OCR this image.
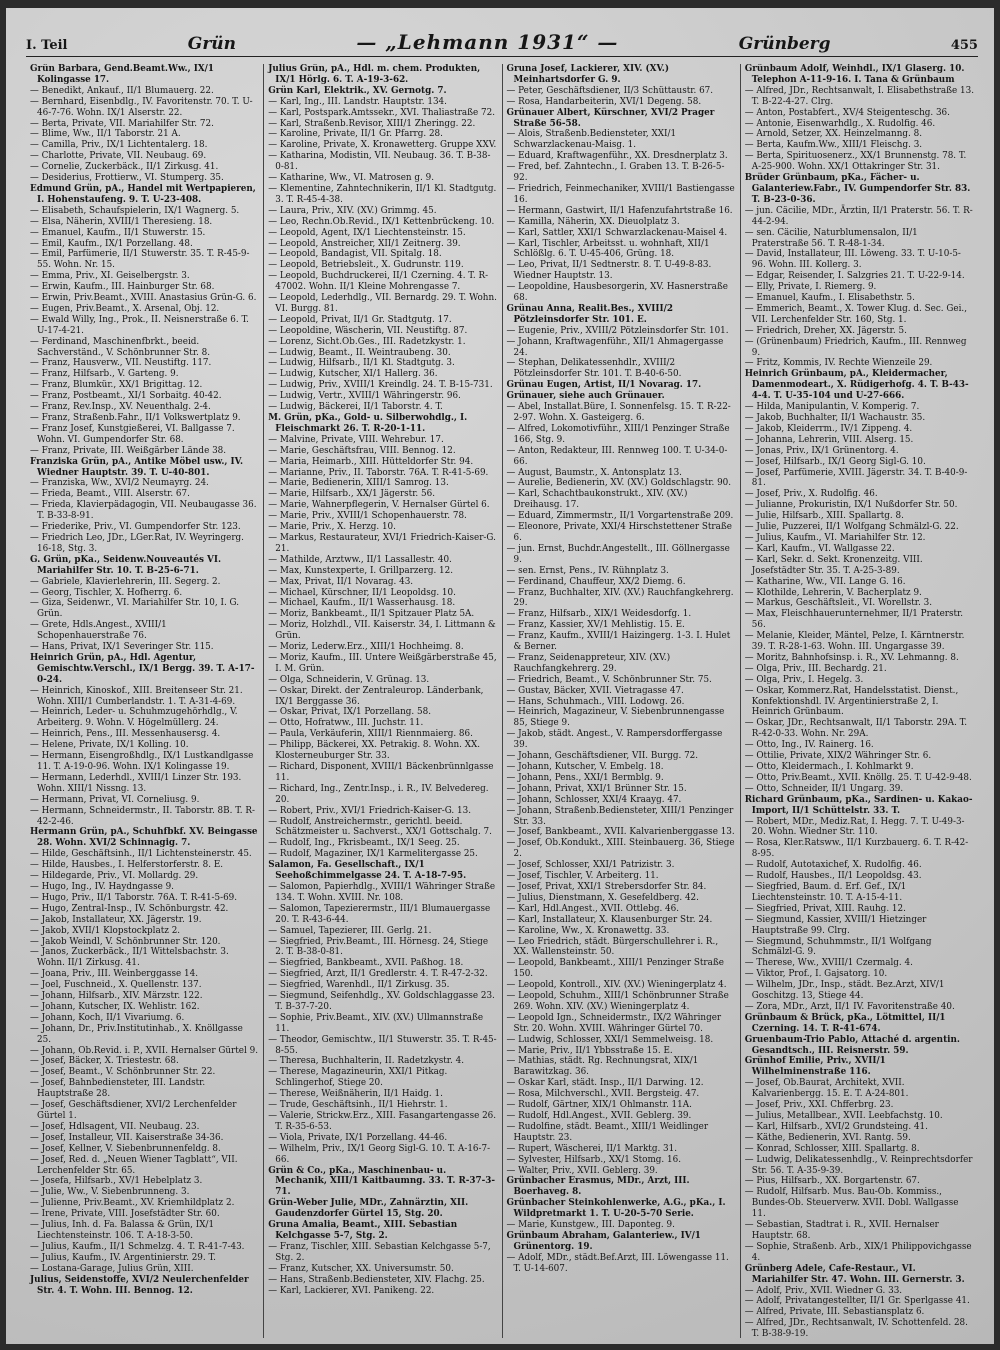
I. Teil	Grün	— „Lehmann 1931“ —	Grünberg	455
Grün Barbara, Gend.Beamt.Ww., IX/1 Kolingasse 17.
— Benedikt, Ankauf., II/1 Blumauerg. 22.
— Bernhard, Eisenbdlg., IV. Favoritenstr. 70. T. U-46-7-76. Wohn. IX/1 Alserstr. 22.
— Berta, Private, VII. Mariahilfer Str. 72.
— Blime, Ww., II/1 Taborstr. 21 A.
— Camilla, Priv., IX/1 Lichtentalerg. 18.
— Charlotte, Private, VII. Neubaug. 69.
— Cornelie, Zuckerbäck., II/1 Zirkusg. 41.
— Desiderius, Frottierw., VI. Stumperg. 35.
Edmund Grün, pA., Handel mit Wertpapieren, I. Hohenstaufeng. 9. T. U-23-408.
— Elisabeth, Schaufspielerin, IX/1 Wagnerg. 5.
— Elsa, Näherin, XVIII/1 Theresieng. 18.
— Emanuel, Kaufm., II/1 Stuwerstr. 15.
— Emil, Kaufm., IX/1 Porzellang. 48.
— Emil, Parfümerie, II/1 Stuwerstr. 35. T. R-45-9-55. Wohn. Nr. 15.
— Emma, Priv., XI. Geiselbergstr. 3.
— Erwin, Kaufm., III. Hainburger Str. 68.
— Erwin, Priv.Beamt., XVIII. Anastasius Grün-G. 6.
— Eugen, Priv.Beamt., X. Arsenal, Obj. 12.
— Ewald Willy, Ing., Prok., II. Neisnerstraße 6. T. U-17-4-21.
— Ferdinand, Maschinenfbrkt., beeid. Sachverständ., V. Schönbrunner Str. 8.
— Franz, Hausverw., VII. Neustiftg. 117.
— Franz, Hilfsarb., V. Garteng. 9.
— Franz, Blumkür., XX/1 Brigittag. 12.
— Franz, Postbeamt., XI/1 Sorbaitg. 40-42.
— Franz, Rev.Insp., XV. Neuenthalg. 2-4.
— Franz, Straßenb.Fahr., II/1 Volkswertplatz 9.
— Franz Josef, Kunstgießerei, VI. Ballgasse 7. Wohn. VI. Gumpendorfer Str. 68.
— Franz, Private, III. Weißgärber Lände 38.
Franziska Grün, pA., Antike Möbel usw., IV. Wiedner Hauptstr. 39. T. U-40-801.
— Franziska, Ww., XVI/2 Neumayrg. 24.
— Frieda, Beamt., VIII. Alserstr. 67.
— Frieda, Klavierpädagogin, VII. Neubaugasse 36. T. B-33-8-91.
— Friederike, Priv., VI. Gumpendorfer Str. 123.
— Friedrich Leo, JDr., LGer.Rat, IV. Weyringerg. 16-18, Stg. 3.
G. Grün, pKa., Seidenw.Nouveautés VI. Mariahilfer Str. 10. T. B-25-6-71.
— Gabriele, Klavierlehrerin, III. Segerg. 2.
— Georg, Tischler, X. Hofherrg. 6.
— Giza, Seidenwr., VI. Mariahilfer Str. 10, I. G. Grün.
— Grete, Hdls.Angest., XVIII/1 Schopenhauerstraße 76.
— Hans, Privat, IX/1 Severinger Str. 115.
Heinrich Grün, pA., Hdl. Agentur, Gemischtw.Verschl., IX/1 Bergg. 39. T. A-17-0-24.
— Heinrich, Kinoskof., XIII. Breitenseer Str. 21. Wohn. XIII/1 Cumberlandstr. 1. T. A-31-4-69.
— Heinrich, Leder- u. Schuhmzugehörhdlg., V. Arbeiterg. 9. Wohn. V. Högelmüllerg. 24.
— Heinrich, Pens., III. Messenhausersg. 4.
— Helene, Private, IX/1 Kolling. 10.
— Hermann, Eisengroßhdlg., IX/1 Lustkandlgasse 11. T. A-19-0-96. Wohn. IX/1 Kolingasse 19.
— Hermann, Lederhdl., XVIII/1 Linzer Str. 193. Wohn. XIII/1 Nissng. 13.
— Hermann, Privat, VI. Corneliusg. 9.
— Hermann, Schneidermstr., II. Taborstr. 8B. T. R-42-2-46.
Hermann Grün, pA., Schuhfbkf. XV. Beingasse 28. Wohn. XVI/2 Schinnagig. 7.
— Hilde, Geschäftsinh., II/1 Lichtensteinerstr. 45.
— Hilde, Hausbes., I. Helferstorferstr. 8. E.
— Hildegarde, Priv., VI. Mollardg. 29.
— Hugo, Ing., IV. Haydngasse 9.
— Hugo, Priv., II/1 Taborstr. 76A. T. R-41-5-69.
— Hugo, Zentral-Insp., IV. Schönburgstr. 42.
— Jakob, Installateur, XX. Jägerstr. 19.
— Jakob, XVII/1 Klopstockplatz 2.
— Jakob Weindl, V. Schönbrunner Str. 120.
— Janos, Zuckerbäck., II/1 Wittelsbachstr. 3. Wohn. II/1 Zirkusg. 41.
— Joana, Priv., III. Weinberggasse 14.
— Joel, Fuschneid., X. Quellenstr. 137.
— Johann, Hilfsarb., XIV. Märzstr. 122.
— Johann, Kutscher, IX. Wehlistr. 162.
— Johann, Koch, II/1 Vivariumg. 6.
— Johann, Dr., Priv.Institutinhab., X. Knöllgasse 25.
— Johann, Ob.Revid. i. P., XVII. Hernalser Gürtel 9.
— Josef, Bäcker, X. Triestestr. 68.
— Josef, Beamt., V. Schönbrunner Str. 22.
— Josef, Bahnbediensteter, III. Landstr. Hauptstraße 28.
— Josef, Geschäftsdiener, XVI/2 Lerchenfelder Gürtel 1.
— Josef, Hdlsagent, VII. Neubaug. 23.
— Josef, Installeur, VII. Kaiserstraße 34-36.
— Josef, Kellner, V. Siebenbrunnenfeldg. 8.
— Josef, Red. d. „Neuen Wiener Tagblatt“, VII. Lerchenfelder Str. 65.
— Josefa, Hilfsarb., XV/1 Hebelplatz 3.
— Julie, Ww., V. Siebenbrunneng. 3.
— Julienne, Priv.Beamt., XV. Kriemhildplatz 2.
— Irene, Private, VIII. Josefstädter Str. 60.
— Julius, Inh. d. Fa. Balassa & Grün, IX/1 Liechtensteinstr. 106. T. A-18-3-50.
— Julius, Kaufm., II/1 Schmelzg. 4. T. R-41-7-43.
— Julius, Kaufm., IV. Argentinierstr. 29. T.
— Lostana-Garage, Julius Grün, XIII.
Julius, Seidenstoffe, XVI/2 Neulerchenfelder Str. 4. T. Wohn. III. Bennog. 12.
Julius Grün, pA., Hdl. m. chem. Produkten, IX/1 Hörlg. 6. T. A-19-3-62.
Grün Karl, Elektrik., XV. Gernotg. 7.
— Karl, Ing., III. Landstr. Hauptstr. 134.
— Karl, Postspark.Amtssekr., XVI. Thaliastraße 72.
— Karl, Straßenb.Revisor, XIII/1 Zheringg. 22.
— Karoline, Private, II/1 Gr. Pfarrg. 28.
— Karoline, Private, X. Kronawetterg. Gruppe XXV.
— Katharina, Modistin, VII. Neubaug. 36. T. B-38-0-81.
— Katharine, Ww., VI. Matrosen g. 9.
— Klementine, Zahntechnikerin, II/1 Kl. Stadtgutg. 3. T. R-45-4-38.
— Laura, Priv., XIV. (XV.) Grimmg. 45.
— Leo, Rechn.Ob.Revid., IX/1 Kettenbrückeng. 10.
— Leopold, Agent, IX/1 Liechtensteinstr. 15.
— Leopold, Anstreicher, XII/1 Zeitnerg. 39.
— Leopold, Bandagist, VII. Spitalg. 18.
— Leopold, Betriebsleit., X. Gudrunstr. 119.
— Leopold, Buchdruckerei, II/1 Czerning. 4. T. R-47002. Wohn. II/1 Kleine Mohrengasse 7.
— Leopold, Lederhdlg., VII. Bernardg. 29. T. Wohn. VI. Burgg. 81.
— Leopold, Privat, II/1 Gr. Stadtgutg. 17.
— Leopoldine, Wäscherin, VII. Neustiftg. 87.
— Lorenz, Sicht.Ob.Ges., III. Radetzkystr. 1.
— Ludwig, Beamt., II. Weintraubeng. 30.
— Ludwig, Hilfsarb., II/1 Kl. Stadtgutg. 3.
— Ludwig, Kutscher, XI/1 Hallerg. 36.
— Ludwig, Priv., XVIII/1 Kreindlg. 24. T. B-15-731.
— Ludwig, Vertr., XVIII/1 Währingerstr. 96.
— Ludwig, Bäckerei, II/1 Taborstr. 4. T.
M. Grün, pKa., Gold- u. Silberwohdlg., I. Fleischmarkt 26. T. R-20-1-11.
— Malvine, Private, VIII. Wehrebur. 17.
— Marie, Geschäftsfrau, VIII. Bennog. 12.
— Maria, Heimarb., XIII. Hütteldorfer Str. 94.
— Marianne, Priv., II. Taborstr. 76A. T. R-41-5-69.
— Marie, Bedienerin, XIII/1 Samrog. 13.
— Marie, Hilfsarb., XX/1 Jägerstr. 56.
— Marie, Wahnerpflegerin, V. Hernalser Gürtel 6.
— Marie, Priv., XVIII/1 Schopenhauerstr. 78.
— Marie, Priv., X. Herzg. 10.
— Markus, Restaurateur, XVI/1 Friedrich-Kaiser-G. 21.
— Mathilde, Arztww., II/1 Lassallestr. 40.
— Max, Kunstexperte, I. Grillparzerg. 12.
— Max, Privat, II/1 Novarag. 43.
— Michael, Kürschner, II/1 Leopoldsg. 10.
— Michael, Kaufm., II/1 Wasserhausg. 18.
— Moriz, Bankbeamt., II/1 Spitzauer Platz 5A.
— Moriz, Holzhdl., VII. Kaiserstr. 34, I. Littmann & Grün.
— Moriz, Lederw.Erz., XIII/1 Hochheimg. 8.
— Moriz, Kaufm., III. Untere Weißgärberstraße 45, I. M. Grün.
— Olga, Schneiderin, V. Grünag. 13.
— Oskar, Direkt. der Zentraleurop. Länderbank, IX/1 Berggasse 36.
— Oskar, Privat, IX/1 Porzellang. 58.
— Otto, Hofratww., III. Juchstr. 11.
— Paula, Verkäuferin, XIII/1 Riennmaierg. 86.
— Philipp, Bäckerei, XX. Petrakig. 8. Wohn. XX. Klosterneuburger Str. 33.
— Richard, Disponent, XVIII/1 Bäckenbrünnlgasse 11.
— Richard, Ing., Zentr.Insp., i. R., IV. Belvedereg. 20.
— Robert, Priv., XVI/1 Friedrich-Kaiser-G. 13.
— Rudolf, Anstreichermstr., gerichtl. beeid. Schätzmeister u. Sachverst., XX/1 Gottschalg. 7.
— Rudolf, Ing., Fkrisbeamt., IX/1 Seeg. 25.
— Rudolf, Magaziner, IX/1 Karmelitergasse 25.
Salamon, Fa. Gesellschaft., IX/1 Seehoßchimmelgasse 24. T. A-18-7-95.
— Salomon, Papierhdlg., XVIII/1 Währinger Straße 134. T. Wohn. XVIII. Nr. 108.
— Salomon, Tapezierermstr., III/1 Blumauergasse 20. T. R-43-6-44.
— Samuel, Tapezierer, III. Gerlg. 21.
— Siegfried, Priv.Beamt., III. Hörnesg. 24, Stiege 2. T. B-38-0-81.
— Siegfried, Bankbeamt., XVII. Paßhog. 18.
— Siegfried, Arzt, II/1 Gredlerstr. 4. T. R-47-2-32.
— Siegfried, Warenhdl., II/1 Zirkusg. 35.
— Siegmund, Seifenhdlg., XV. Goldschlaggasse 23. T. B-37-7-20.
— Sophie, Priv.Beamt., XIV. (XV.) Ullmannstraße 11.
— Theodor, Gemischtw., II/1 Stuwerstr. 35. T. R-45-8-55.
— Theresa, Buchhalterin, II. Radetzkystr. 4.
— Therese, Magazineurin, XXI/1 Pitkag. Schlingerhof, Stiege 20.
— Therese, Weißnäherin, II/1 Haidg. 1.
— Trude, Geschäftsinh., II/1 Hiehrstr. 1.
— Valerie, Strickw.Erz., XIII. Fasangartengasse 26. T. R-35-6-53.
— Viola, Private, IX/1 Porzellang. 44-46.
— Wilhelm, Priv., IX/1 Georg Sigl-G. 10. T. A-16-7-66.
Grün & Co., pKa., Maschinenbau- u. Mechanik, XIII/1 Kaitbaumng. 33. T. R-37-3-71.
Grün-Weber Julie, MDr., Zahnärztin, XII. Gaudenzdorfer Gürtel 15, Stg. 20.
Gruna Amalia, Beamt., XIII. Sebastian Kelchgasse 5-7, Stg. 2.
— Franz, Tischler, XIII. Sebastian Kelchgasse 5-7, Stg. 2.
— Franz, Kutscher, XX. Universumstr. 50.
— Hans, Straßenb.Bediensteter, XIV. Flachg. 25.
— Karl, Lackierer, XVI. Panikeng. 22.
Gruna Josef, Lackierer, XIV. (XV.) Meinhartsdorfer G. 9.
— Peter, Geschäftsdiener, II/3 Schüttaustr. 67.
— Rosa, Handarbeiterin, XVI/1 Degeng. 58.
Grünauer Albert, Kürschner, XVI/2 Prager Straße 56-58.
— Alois, Straßenb.Bediensteter, XXI/1 Schwarzlackenau-Maisg. 1.
— Eduard, Kraftwagenführ., XX. Dresdnerplatz 3.
— Fred, bef. Zahntechn., I. Graben 13. T. B-26-5-92.
— Friedrich, Feinmechaniker, XVIII/1 Bastiengasse 16.
— Hermann, Gastwirt, II/1 Hafenzufahrtstraße 16.
— Kamilla, Näherin, XX. Dieuolplatz 3.
— Karl, Sattler, XXI/1 Schwarzlackenau-Maisel 4.
— Karl, Tischler, Arbeitsst. u. wohnhaft, XII/1 Schlößlg. 6. T. U-45-406, Grüng. 18.
— Leo, Privat, II/1 Sedtnerstr. 8. T. U-49-8-83. Wiedner Hauptstr. 13.
— Leopoldine, Hausbesorgerin, XV. Hasnerstraße 68.
Grünau Anna, Realit.Bes., XVIII/2 Pötzleinsdorfer Str. 101. E.
— Eugenie, Priv., XVIII/2 Pötzleinsdorfer Str. 101.
— Johann, Kraftwagenführ., XII/1 Ahmagergasse 24.
— Stephan, Delikatessenhdlr., XVIII/2 Pötzleinsdorfer Str. 101. T. B-40-6-50.
Grünau Eugen, Artist, II/1 Novarag. 17.
Grünauer, siehe auch Grünauer.
— Abel, Installat.Büre, I. Sonnenfelsg. 15. T. R-22-2-97. Wohn. X. Gasteigerg. 6.
— Alfred, Lokomotivführ., XIII/1 Penzinger Straße 166, Stg. 9.
— Anton, Redakteur, III. Rennweg 100. T. U-34-0-66.
— August, Baumstr., X. Antonsplatz 13.
— Aurelie, Bedienerin, XV. (XV.) Goldschlagstr. 90.
— Karl, Schachtbaukonstrukt., XIV. (XV.) Dreihausg. 17.
— Eduard, Zimmermstr., II/1 Vorgartenstraße 209.
— Eleonore, Private, XXI/4 Hirschstettener Straße 6.
— jun. Ernst, Buchdr.Angestellt., III. Göllnergasse 9.
— sen. Ernst, Pens., IV. Rühnplatz 3.
— Ferdinand, Chauffeur, XX/2 Diemg. 6.
— Franz, Buchhalter, XIV. (XV.) Rauchfangkehrerg. 29.
— Franz, Hilfsarb., XIX/1 Weidesdorfg. 1.
— Franz, Kassier, XV/1 Mehlistig. 15. E.
— Franz, Kaufm., XVIII/1 Haizingerg. 1-3. I. Hulet & Berner.
— Franz, Seidenappreteur, XIV. (XV.) Rauchfangkehrerg. 29.
— Friedrich, Beamt., V. Schönbrunner Str. 75.
— Gustav, Bäcker, XVII. Vietragasse 47.
— Hans, Schuhmach., VIII. Lodowg. 26.
— Heinrich, Magazineur, V. Siebenbrunnengasse 85, Stiege 9.
— Jakob, städt. Angest., V. Rampersdorffergasse 39.
— Johann, Geschäftsdiener, VII. Burgg. 72.
— Johann, Kutscher, V. Embelg. 18.
— Johann, Pens., XXI/1 Bermblg. 9.
— Johann, Privat, XXI/1 Brünner Str. 15.
— Johann, Schlosser, XXI/4 Kraayg. 47.
— Johann, Straßenb.Bediensteter, XIII/1 Penzinger Str. 33.
— Josef, Bankbeamt., XVII. Kalvarienberggasse 13.
— Josef, Ob.Kondukt., XIII. Steinbauerg. 36, Stiege 2.
— Josef, Schlosser, XXI/1 Patrizistr. 3.
— Josef, Tischler, V. Arbeiterg. 11.
— Josef, Privat, XXI/1 Strebersdorfer Str. 84.
— Julius, Dienstmann, X. Gesefeldberg. 42.
— Karl, Hdl.Angest., XVII. Ottlebg. 46.
— Karl, Installateur, X. Klausenburger Str. 24.
— Karoline, Ww., X. Kronawettg. 33.
— Leo Friedrich, städt. Bürgerschullehrer i. R., XX. Wallensteinstr. 50.
— Leopold, Bankbeamt., XIII/1 Penzinger Straße 150.
— Leopold, Kontroll., XIV. (XV.) Wieningerplatz 4.
— Leopold, Schuhm., XIII/1 Schönbrunner Straße 269. Wohn. XIV. (XV.) Wieningerplatz 4.
— Leopold Ign., Schneidermstr., IX/2 Währinger Str. 20. Wohn. XVIII. Währinger Gürtel 70.
— Ludwig, Schlosser, XXI/1 Semmelweisg. 18.
— Marie, Priv., II/1 Ybbsstraße 15. E.
— Mathias, städt. Rg. Rechnungsrat, XIX/1 Barawitzkag. 36.
— Oskar Karl, städt. Insp., II/1 Darwing. 12.
— Rosa, Milchverschl., XVII. Bergsteig. 47.
— Rudolf, Gärtner, XIX/1 Ohlmanstr. 11A.
— Rudolf, Hdl.Angest., XVII. Geblerg. 39.
— Rudolfine, städt. Beamt., XIII/1 Weidlinger Hauptstr. 23.
— Rupert, Wäscherei, II/1 Marktg. 31.
— Sylvester, Hilfsarb., XX/1 Stomg. 16.
— Walter, Priv., XVII. Geblerg. 39.
Grünbacher Erasmus, MDr., Arzt, III. Boerhaveg. 8.
Grünbacher Steinkohlenwerke, A.G., pKa., I. Wildpretmarkt 1. T. U-20-5-70 Serie.
— Marie, Kunstgew., III. Daponteg. 9.
Grünbaum Abraham, Galanteriew., IV/1 Grünentorg. 19.
— Adolf, MDr., städt.Bef.Arzt, III. Löwengasse 11. T. U-14-607.
Grünbaum Adolf, Weinhdl., IX/1 Glaserg. 10. Telephon A-11-9-16. I. Tana & Grünbaum
— Alfred, JDr., Rechtsanwalt, I. Elisabethstraße 13. T. B-22-4-27. Clrg.
— Anton, Postabfert., XV/4 Steigenteschg. 36.
— Antonie, Eisenwarhdlg., X. Rudolfig. 46.
— Arnold, Setzer, XX. Heinzelmanng. 8.
— Berta, Kaufm.Ww., XIII/1 Fleischg. 3.
— Berta, Spirituosenerz., XX/1 Brunnenstg. 78. T. A-25-900. Wohn. XX/1 Ottakringer Str. 31.
Brüder Grünbaum, pKa., Fächer- u. Galanteriew.Fabr., IV. Gumpendorfer Str. 83. T. B-23-0-36.
— jun. Cäcilie, MDr., Ärztin, II/1 Praterstr. 56. T. R-44-2-94.
— sen. Cäcilie, Naturblumensalon, II/1 Praterstraße 56. T. R-48-1-34.
— David, Installateur, III. Löweng. 33. T. U-10-5-96. Wohn. III. Kollerg. 3.
— Edgar, Reisender, I. Salzgries 21. T. U-22-9-14.
— Elly, Private, I. Riemerg. 9.
— Emanuel, Kaufm., I. Elisabethstr. 5.
— Emmerich, Beamt., X. Tower Klug. d. Sec. Gei., VII. Lerchenfelder Str. 160, Stg. 1.
— Friedrich, Dreher, XX. Jägerstr. 5.
— (Grünenbaum) Friedrich, Kaufm., III. Rennweg 9.
— Fritz, Kommis, IV. Rechte Wienzeile 29.
Heinrich Grünbaum, pA., Kleidermacher, Damenmodeart., X. Rüdigerhofg. 4. T. B-43-4-4. T. U-35-104 und U-27-666.
— Hilda, Manipulantin, V. Komperig. 7.
— Jakob, Buchhalter, II/1 Wachaustr. 35.
— Jakob, Kleiderrm., IV/1 Zippeng. 4.
— Johanna, Lehrerin, VIII. Alserg. 15.
— Jonas, Priv., IX/1 Grünentorg. 4.
— Josef, Hilfsarb., IX/1 Georg Sigl-G. 10.
— Josef, Parfümerie, XVIII. Jägerstr. 34. T. B-40-9-81.
— Josef, Priv., X. Rudolfig. 46.
— Julianne, Prokuristin, IX/1 Nußdorfer Str. 50.
— Julie, Hilfsarb., XIII. Spallartg. 8.
— Julie, Puzzerei, II/1 Wolfgang Schmälzl-G. 22.
— Julius, Kaufm., VI. Mariahilfer Str. 12.
— Karl, Kaufm., VI. Wallgasse 22.
— Karl, Sekr. d. Sekt. Kronenzeitg. VIII. Josefstädter Str. 35. T. A-25-3-89.
— Katharine, Ww., VII. Lange G. 16.
— Klothilde, Lehrerin, V. Bacherplatz 9.
— Markus, Geschäftsleit., VI. Worellstr. 3.
— Max, Fleischhauerunternehmer, II/1 Praterstr. 56.
— Melanie, Kleider, Mäntel, Pelze, I. Kärntnerstr. 39. T. R-28-1-63. Wohn. III. Ungargasse 39.
— Moritz, Bahnhofsinsp. i. R., XV. Lehmanng. 8.
— Olga, Priv., III. Bechardg. 21.
— Olga, Priv., I. Hegelg. 3.
— Oskar, Kommerz.Rat, Handelsstatist. Dienst., Konfektionshdl. IV. Argentinierstraße 2, I. Heinrich Grünbaum.
— Oskar, JDr., Rechtsanwalt, II/1 Taborstr. 29A. T. R-42-0-33. Wohn. Nr. 29A.
— Otto, Ing., IV. Rainerg. 16.
— Ottilie, Private, XIX/2 Währinger Str. 6.
— Otto, Kleidermach., I. Kohlmarkt 9.
— Otto, Priv.Beamt., XVII. Knöllg. 25. T. U-42-9-48.
— Otto, Schneider, II/1 Ungarg. 39.
Richard Grünbaum, pKa., Sardinen- u. Kakao-Import, II/1 Schüttelstr. 33. T.
— Robert, MDr., Mediz.Rat, I. Hegg. 7. T. U-49-3-20. Wohn. Wiedner Str. 110.
— Rosa, Kler.Ratsww., II/1 Kurzbauerg. 6. T. R-42-8-95.
— Rudolf, Autotaxichef, X. Rudolfig. 46.
— Rudolf, Hausbes., II/1 Leopoldsg. 43.
— Siegfried, Baum. d. Erf. Gef., IX/1 Liechtensteinstr. 10. T. A-15-4-11.
— Siegfried, Privat, XIII. Rauhg. 12.
— Siegmund, Kassier, XVIII/1 Hietzinger Hauptstraße 99. Clrg.
— Siegmund, Schuhmmstr., II/1 Wolfgang Schmälzl-G. 9.
— Therese, Ww., XVIII/1 Czermalg. 4.
— Viktor, Prof., I. Gajsatorg. 10.
— Wilhelm, JDr., Insp., städt. Bez.Arzt, XIV/1 Goschitzg. 13, Stiege 44.
— Zora, MDr., Arzt, II/1 IV. Favoritenstraße 40.
Grünbaum & Brück, pKa., Lötmittel, II/1 Czerning. 14. T. R-41-674.
Gruenbaum-Trio Pablo, Attaché d. argentin. Gesandtsch., III. Reisnerstr. 59.
Grünhof Emilie, Priv., XVII/1 Wilhelminenstraße 116.
— Josef, Ob.Baurat, Architekt, XVII. Kalvarienbergg. 15. E. T. A-24-801.
— Josef, Priv., XXI. Chfferbrg. 23.
— Julius, Metallbear., XVII. Leebfachstg. 10.
— Karl, Hilfsarb., XVI/2 Grundsteing. 41.
— Käthe, Bedienerin, XVI. Rantg. 59.
— Konrad, Schlosser, XIII. Spallartg. 8.
— Ludwig, Delikatessenhdlg., V. Reinprechtsdorfer Str. 56. T. A-35-9-39.
— Pius, Hilfsarb., XX. Borgartenstr. 67.
— Rudolf, Hilfsarb. Mus. Bau-Ob. Kommiss., Bundes-Ob. Steuerverw. XVII. Dobl. Wallgasse 11.
— Sebastian, Stadtrat i. R., XVII. Hernalser Hauptstr. 68.
— Sophie, Straßenb. Arb., XIX/1 Philippovichgasse 4.
Grünberg Adele, Cafe-Restaur., VI. Mariahilfer Str. 47. Wohn. III. Gernerstr. 3.
— Adolf, Priv., XVII. Wiedner G. 33.
— Adolf, Privatangestellter, II/1 Gr. Sperlgasse 41.
— Alfred, Private, III. Sebastiansplatz 6.
— Alfred, JDr., Rechtsanwalt, IV. Schottenfeld. 28. T. B-38-9-19.
